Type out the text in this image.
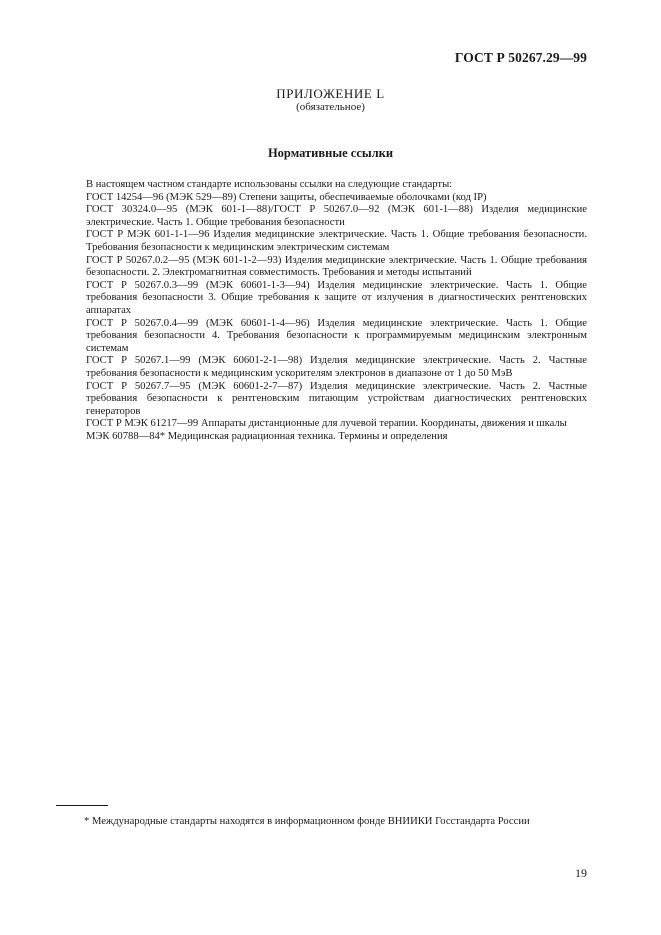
ГОСТ Р 50267.29—99
ПРИЛОЖЕНИЕ L
(обязательное)
Нормативные ссылки

В настоящем частном стандарте использованы ссылки на следующие стандарты:

ГОСТ 14254—96 (МЭК 529—89) Степени защиты, обеспечиваемые оболочками (код IP)

ГОСТ 30324.0—95 (МЭК 601-1—88)/ГОСТ Р 50267.0—92 (МЭК 601-1—88) Изделия медицинские электрические. Часть 1. Общие требования безопасности

ГОСТ Р МЭК 601-1-1—96 Изделия медицинские электрические. Часть 1. Общие требования безопасности. Требования безопасности к медицинским электрическим системам

ГОСТ Р 50267.0.2—95 (МЭК 601-1-2—93) Изделия медицинские электрические. Часть 1. Общие требования безопасности. 2. Электромагнитная совместимость. Требования и методы испытаний

ГОСТ Р 50267.0.3—99 (МЭК 60601-1-3—94) Изделия медицинские электрические. Часть 1. Общие требования безопасности 3. Общие требования к защите от излучения в диагностических рентгеновских аппаратах

ГОСТ Р 50267.0.4—99 (МЭК 60601-1-4—96) Изделия медицинские электрические. Часть 1. Общие требования безопасности 4. Требования безопасности к программируемым медицинским электронным системам

ГОСТ Р 50267.1—99 (МЭК 60601-2-1—98) Изделия медицинские электрические. Часть 2. Частные требования безопасности к медицинским ускорителям электронов в диапазоне от 1 до 50 МэВ

ГОСТ Р 50267.7—95 (МЭК 60601-2-7—87) Изделия медицинские электрические. Часть 2. Частные требования безопасности к рентгеновским питающим устройствам диагностических рентгеновских генераторов

ГОСТ Р МЭК 61217—99 Аппараты дистанционные для лучевой терапии. Координаты, движения и шкалы

МЭК 60788—84* Медицинская радиационная техника. Термины и определения

* Международные стандарты находятся в информационном фонде ВНИИКИ Госстандарта России
19
